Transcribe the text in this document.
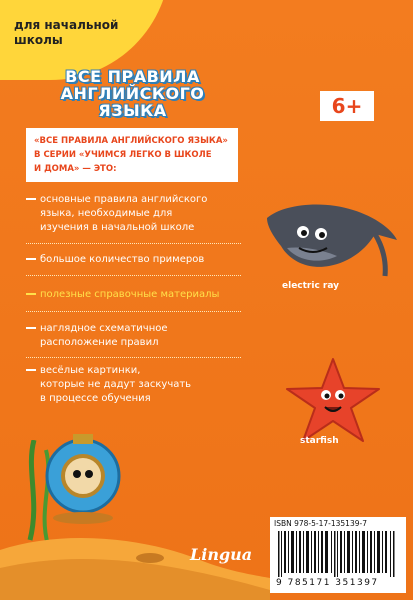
для начальной
школы
ВСЕ ПРАВИЛА
АНГЛИЙСКОГО
ЯЗЫКА	6+
«ВСЕ ПРАВИЛА АНГЛИЙСКОГО ЯЗЫКА»
В СЕРИИ «УЧИМСЯ ЛЕГКО В ШКОЛЕ
И ДОМА» — ЭТО:
основные правила английского
языка, необходимые для
изучения в начальной школе
большое количество примеров
полезные справочные материалы
наглядное схематичное
расположение правил
весёлые картинки,
которые не дадут заскучать
в процессе обучения
electric ray
starfish
Lingua
ISBN 978-5-17-135139-7
9 785171 351397
